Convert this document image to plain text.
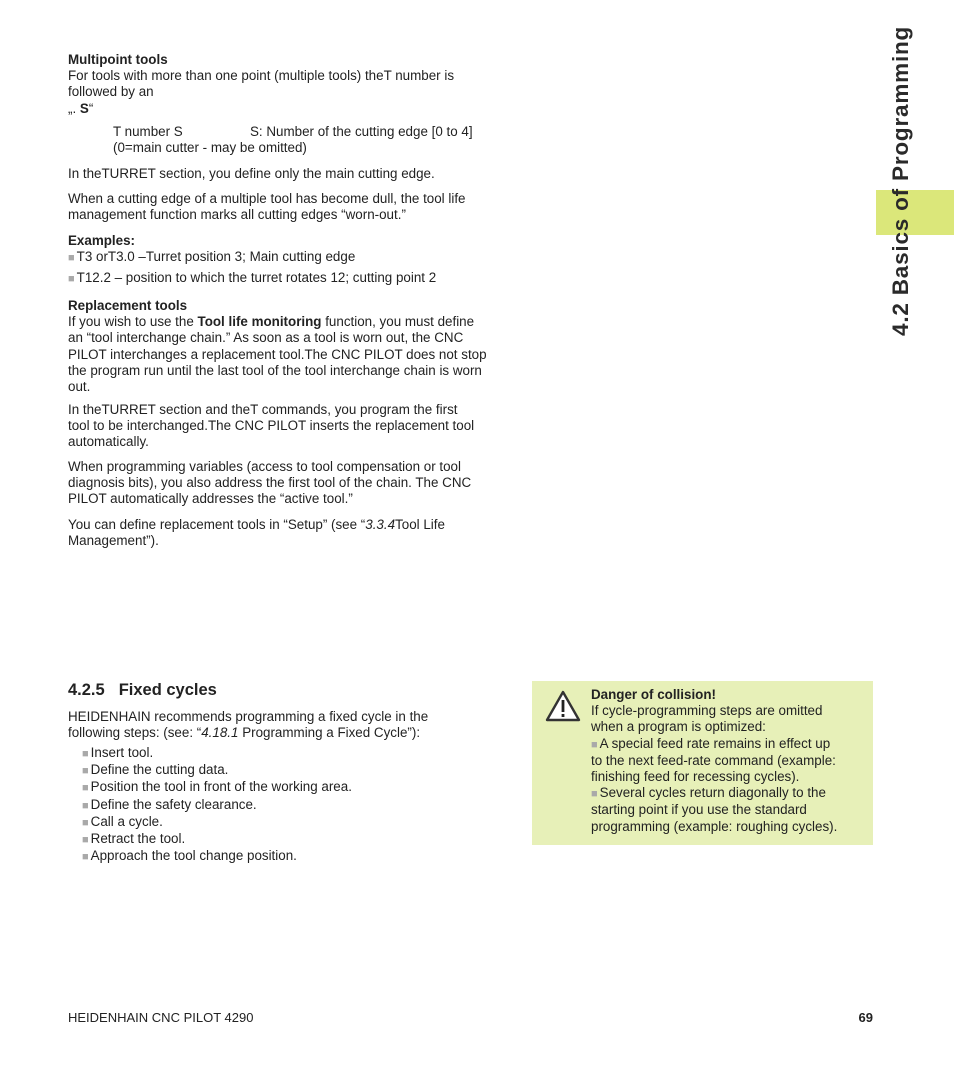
4.2 Basics of Programming

Multipoint tools

For tools with more than one point (multiple tools) theT number is

followed by an

„. S“

T number S	S: Number of the cutting edge [0 to 4]

(0=main cutter - may be omitted)

In theTURRET section, you define only the main cutting edge.

When a cutting edge of a multiple tool has become dull, the tool life

management function marks all cutting edges “worn-out.”

Examples:

■ T3 orT3.0 –Turret position 3; Main cutting edge

■ T12.2 – position to which the turret rotates 12; cutting point 2

Replacement tools

If you wish to use the Tool life monitoring function, you must define

an “tool interchange chain.” As soon as a tool is worn out, the CNC

PILOT interchanges a replacement tool.The CNC PILOT does not stop

the program run until the last tool of the tool interchange chain is worn

out.

In theTURRET section and theT commands, you program the first

tool to be interchanged.The CNC PILOT inserts the replacement tool

automatically.

When programming variables (access to tool compensation or tool

diagnosis bits), you also address the first tool of the chain. The CNC

PILOT automatically addresses the “active tool.”

You can define replacement tools in “Setup” (see “3.3.4Tool Life

Management”).

4.2.5 Fixed cycles

HEIDENHAIN recommends programming a fixed cycle in the

following steps: (see: “4.18.1 Programming a Fixed Cycle”):

■ Insert tool.
■ Define the cutting data.
■ Position the tool in front of the working area.
■ Define the safety clearance.
■ Call a cycle.
■ Retract the tool.
■ Approach the tool change position.

Danger of collision!

If cycle-programming steps are omitted

when a program is optimized:

■ A special feed rate remains in effect up

to the next feed-rate command (example:

finishing feed for recessing cycles).

■ Several cycles return diagonally to the

starting point if you use the standard

programming (example: roughing cycles).

HEIDENHAIN CNC PILOT 4290	69
